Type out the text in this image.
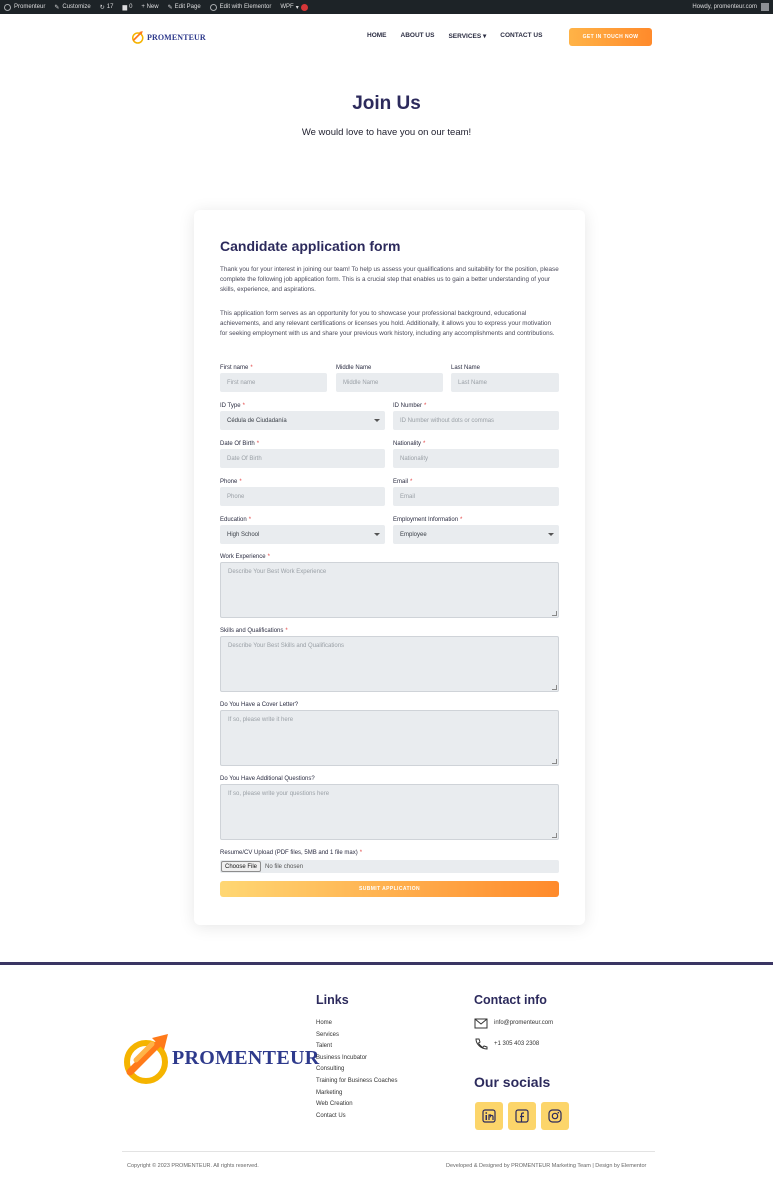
Promenteur ✎ Customize ↻ 17 ▆ 0 + New ✎ Edit Page	Edit with Elementor WPF ▾	Howdy, promenteur.com
PROMENTEUR	HOME ABOUT US SERVICES ▾ CONTACT US	GET IN TOUCH NOW
Join Us
We would love to have you on our team!
Candidate application form

Thank you for your interest in joining our team! To help us assess your qualifications and suitability for the position, please complete the following job application form. This is a crucial step that enables us to gain a better understanding of your skills, experience, and aspirations.

This application form serves as an opportunity for you to showcase your professional background, educational achievements, and any relevant certifications or licenses you hold. Additionally, it allows you to express your motivation for seeking employment with us and share your previous work history, including any accomplishments and contributions.

First name *
First name
Middle Name
Middle Name
Last Name
Last Name
ID Type *
Cédula de Ciudadanía
ID Number *
ID Number without dots or commas
Date Of Birth *
Date Of Birth
Nationality *
Nationality
Phone *
Phone
Email *
Email
Education *
High School
Employment Information *
Employee
Work Experience *
Describe Your Best Work Experience
Skills and Qualifications *
Describe Your Best Skills and Qualifications
Do You Have a Cover Letter?
If so, please write it here
Do You Have Additional Questions?
If so, please write your questions here
Resume/CV Upload (PDF files, 5MB and 1 file max) *
Choose File	No file chosen
SUBMIT APPLICATION
PROMENTEUR
Links
Home
Services
Talent
Business Incubator
Consulting
Training for Business Coaches
Marketing
Web Creation
Contact Us
Contact info
info@promenteur.com
+1 305 403 2308
Our socials
Copyright © 2023 PROMENTEUR. All rights reserved.	Developed & Designed by PROMENTEUR Marketing Team | Design by Elementor
